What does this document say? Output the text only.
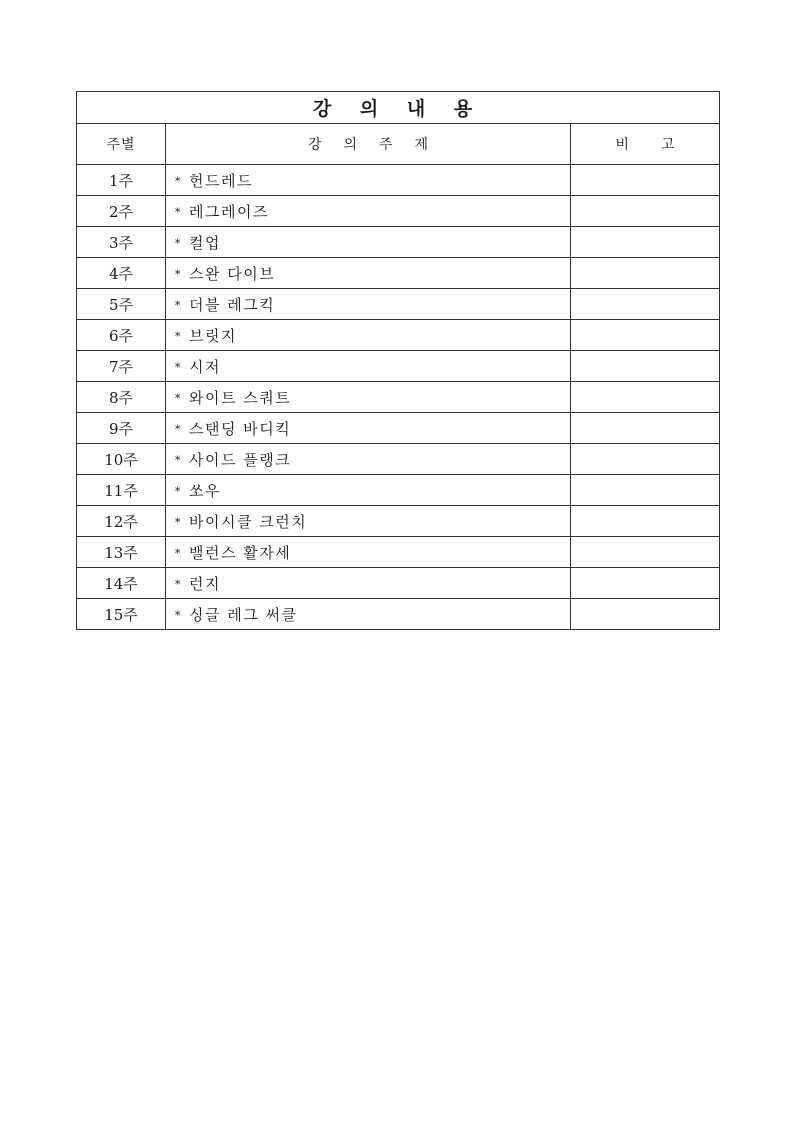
강 의 내 용		
주별	강의주제	비고
1주	* 헌드레드	
2주	* 레그레이즈	
3주	* 컬업	
4주	* 스완 다이브	
5주	* 더블 레그킥	
6주	* 브릿지	
7주	* 시저	
8주	* 와이트 스쿼트	
9주	* 스탠딩 바디킥	
10주	* 사이드 플랭크	
11주	* 쏘우	
12주	* 바이시클 크런치	
13주	* 밸런스 활자세	
14주	* 런지	
15주	* 싱글 레그 써클	
